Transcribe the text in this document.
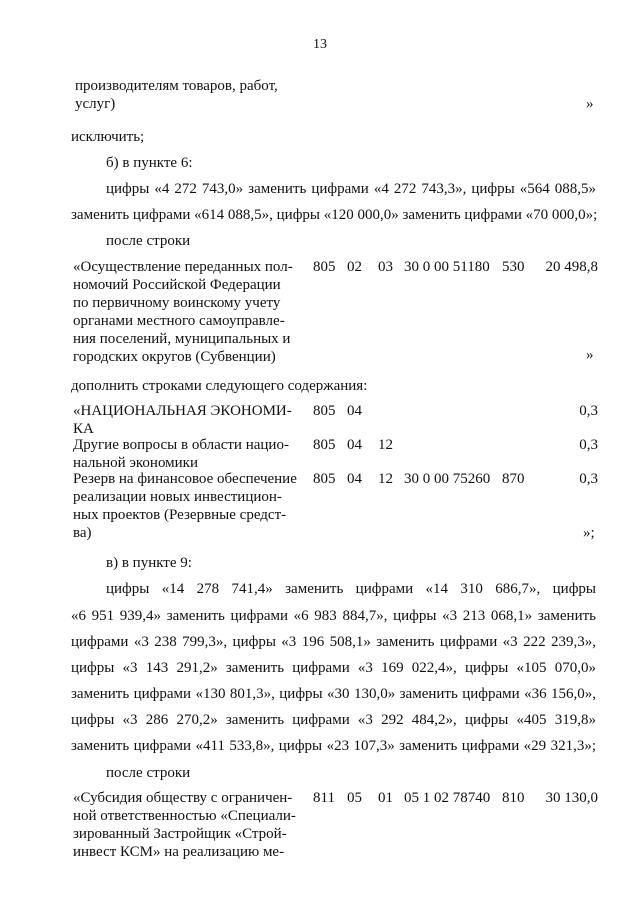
13
производителям товаров, работ,
услуг)	»
исключить;
б) в пункте 6:
цифры «4 272 743,0» заменить цифрами «4 272 743,3», цифры «564 088,5»
заменить цифрами «614 088,5», цифры «120 000,0» заменить цифрами «70 000,0»;
после строки
«Осуществление переданных пол-
номочий Российской Федерации
по первичному воинскому учету
органами местного самоуправле-
ния поселений, муниципальных и
городских округов (Субвенции)
805 02 03 30 0 00 51180 530	20 498,8
»
дополнить строками следующего содержания:
«НАЦИОНАЛЬНАЯ ЭКОНОМИ-
КА
805 04	0,3
Другие вопросы в области нацио-
нальной экономики
805 04 12	0,3
Резерв на финансовое обеспечение
реализации новых инвестицион-
ных проектов (Резервные средст-
ва)
805 04 12 30 0 00 75260 870	0,3
»;
в) в пункте 9:
цифры «14 278 741,4» заменить цифрами «14 310 686,7», цифры
«6 951 939,4» заменить цифрами «6 983 884,7», цифры «3 213 068,1» заменить
цифрами «3 238 799,3», цифры «3 196 508,1» заменить цифрами «3 222 239,3»,
цифры «3 143 291,2» заменить цифрами «3 169 022,4», цифры «105 070,0»
заменить цифрами «130 801,3», цифры «30 130,0» заменить цифрами «36 156,0»,
цифры «3 286 270,2» заменить цифрами «3 292 484,2», цифры «405 319,8»
заменить цифрами «411 533,8», цифры «23 107,3» заменить цифрами «29 321,3»;
после строки
«Субсидия обществу с ограничен-
ной ответственностью «Специали-
зированный Застройщик «Строй-
инвест КСМ» на реализацию ме-
811 05 01 05 1 02 78740 810	30 130,0
